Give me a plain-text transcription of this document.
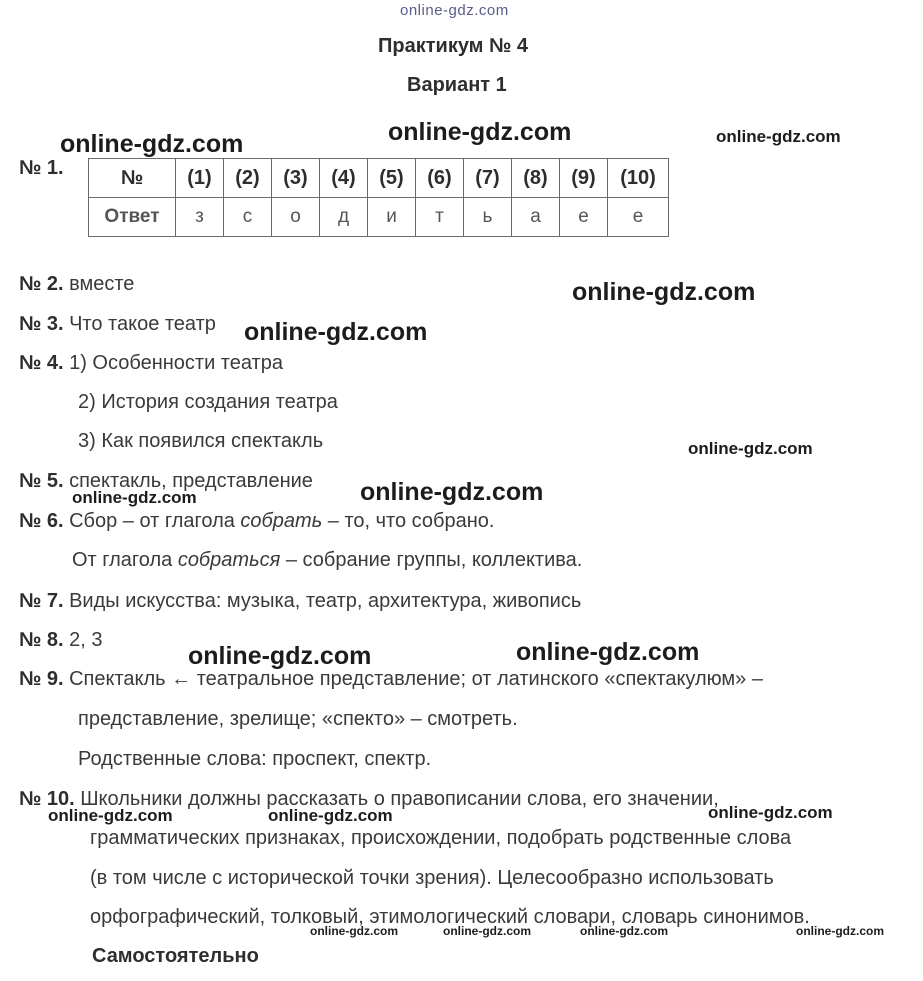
online-gdz.com
Практикум № 4
Вариант 1
online-gdz.com	online-gdz.com	online-gdz.com
№ 1.	№	(1)	(2)	(3)	(4)	(5)	(6)	(7)	(8)	(9)	(10)
Ответ	з	с	о	д	и	т	ь	а	е	е
№ 2. вместе	online-gdz.com
№ 3. Что такое театр online-gdz.com
№ 4. 1) Особенности театра
2) История создания театра
3) Как появился спектакль	online-gdz.com
№ 5. спектакль, представление
online-gdz.com	online-gdz.com
№ 6. Сбор – от глагола собрать – то, что собрано.
От глагола собраться – собрание группы, коллектива.
№ 7. Виды искусства: музыка, театр, архитектура, живопись
№ 8. 2, 3
online-gdz.com	online-gdz.com
№ 9. Спектакль ← театральное представление; от латинского «спектакулюм» –
представление, зрелище; «спекто» – смотреть.
Родственные слова: проспект, спектр.
№ 10. Школьники должны рассказать о правописании слова, его значении,
online-gdz.com	online-gdz.com	online-gdz.com
грамматических признаках, происхождении, подобрать родственные слова
(в том числе с исторической точки зрения). Целесообразно использовать
орфографический, толковый, этимологический словари, словарь синонимов.
online-gdz.com	online-gdz.com	online-gdz.com	online-gdz.com
Самостоятельно
